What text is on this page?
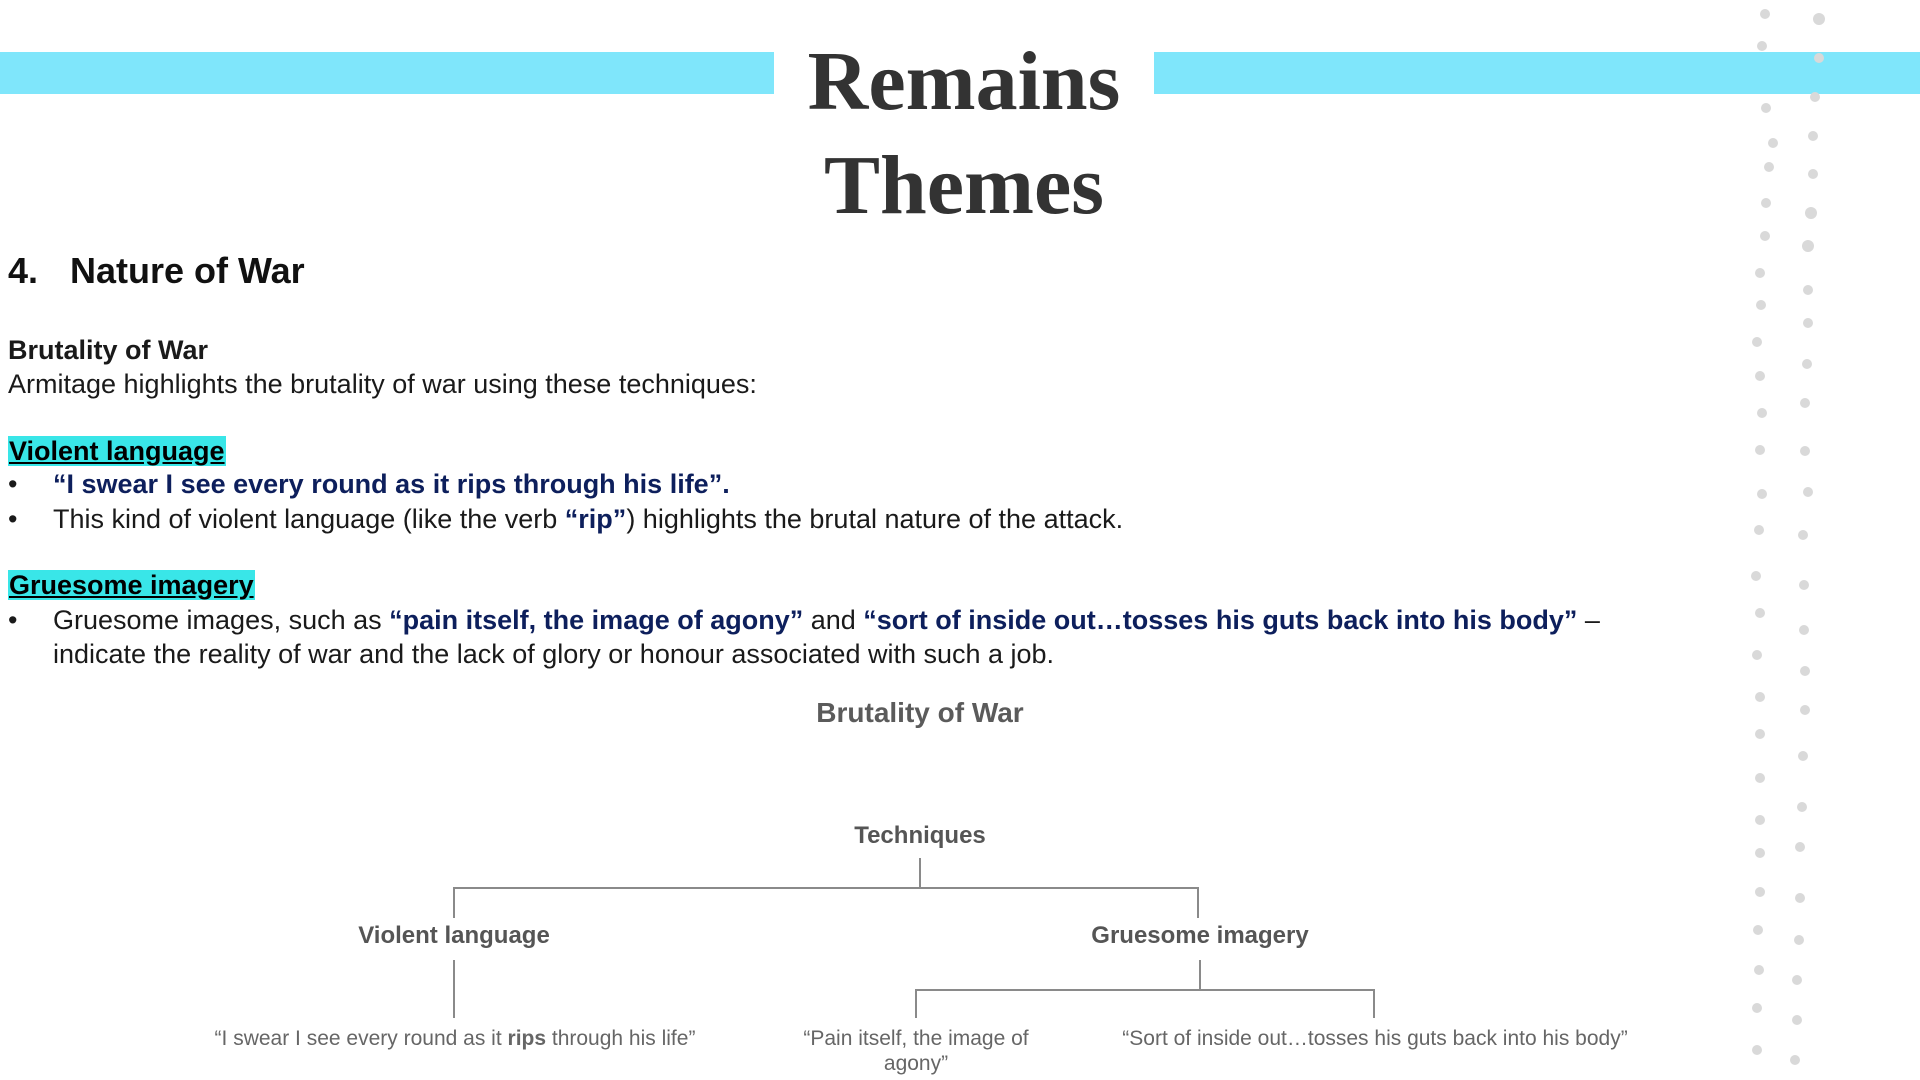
Remains
Themes
4. Nature of War
Brutality of War
Armitage highlights the brutality of war using these techniques:
Violent language
• “I swear I see every round as it rips through his life”.
• This kind of violent language (like the verb “rip”) highlights the brutal nature of the attack.
Gruesome imagery
• Gruesome images, such as “pain itself, the image of agony” and “sort of inside out…tosses his guts back into his body” – indicate the reality of war and the lack of glory or honour associated with such a job.
Brutality of War
Techniques
Violent language	Gruesome imagery
“I swear I see every round as it rips through his life”	“Pain itself, the image of agony”
“Sort of inside out…tosses his guts back into his body”
